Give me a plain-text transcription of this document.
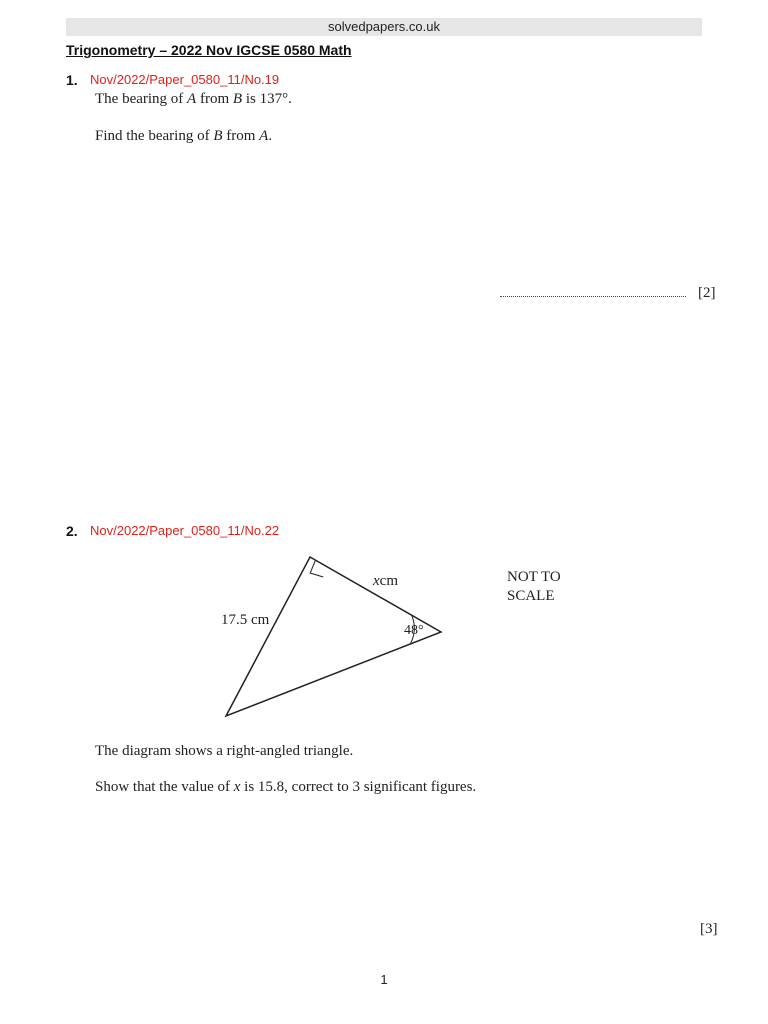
solvedpapers.co.uk
Trigonometry – 2022 Nov IGCSE 0580 Math
1. Nov/2022/Paper_0580_11/No.19
The bearing of A from B is 137°.
Find the bearing of B from A.
[2]
2. Nov/2022/Paper_0580_11/No.22
17.5 cm
xcm
48°
NOT TO
SCALE
The diagram shows a right-angled triangle.
Show that the value of x is 15.8, correct to 3 significant figures.
[3]
1
